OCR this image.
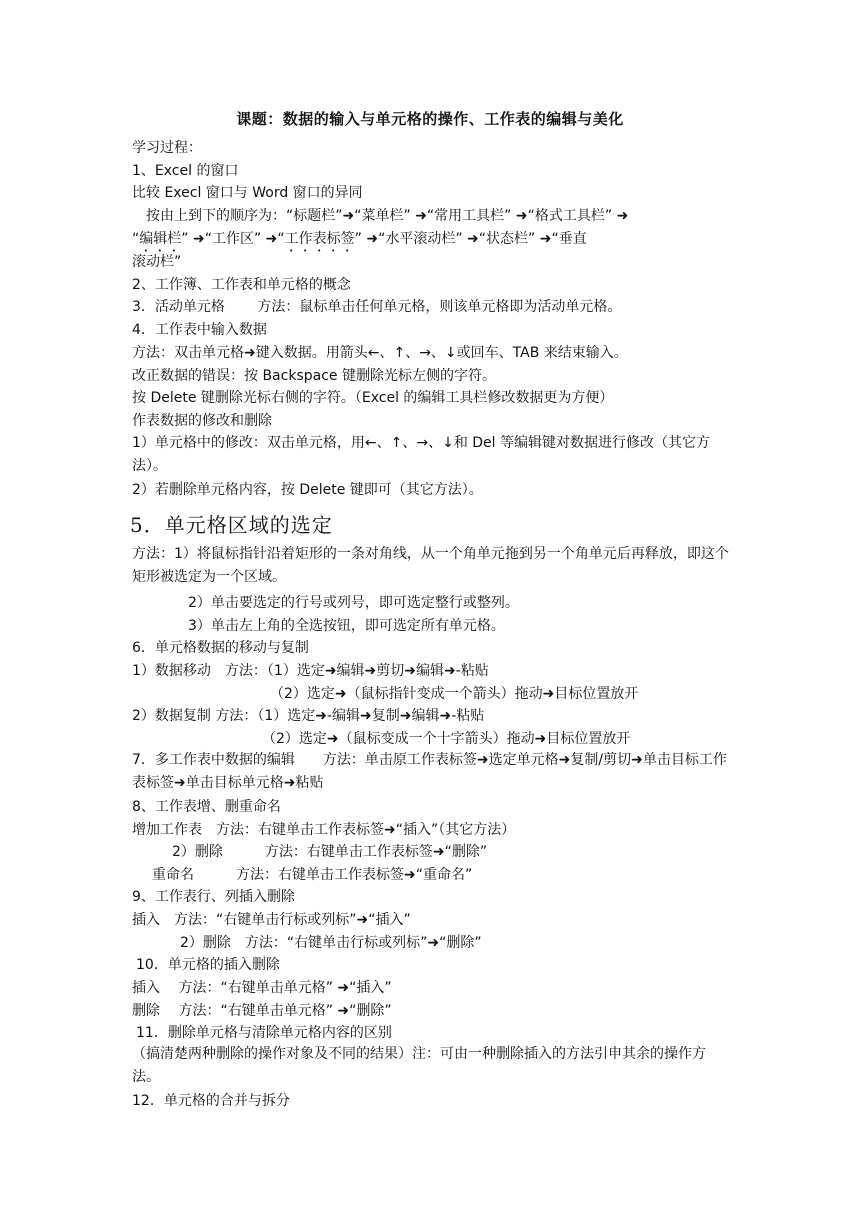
课题：数据的输入与单元格的操作、工作表的编辑与美化
学习过程：
1、Excel 的窗口
比较 Execl 窗口与 Word 窗口的异同
　按由上到下的顺序为：“标题栏”➜“菜单栏” ➜“常用工具栏” ➜“格式工具栏” ➜
“编辑栏” ➜“工作区” ➜“工作表标签” ➜“水平滚动栏” ➜“状态栏” ➜“垂直
滚动栏”
2、工作簿、工作表和单元格的概念
3．活动单元格　　 方法：鼠标单击任何单元格，则该单元格即为活动单元格。
4．工作表中输入数据
方法：双击单元格➜键入数据。用箭头←、↑、→、↓或回车、TAB 来结束输入。
改正数据的错误：按 Backspace 键删除光标左侧的字符。
按 Delete 键删除光标右侧的字符。（Excel 的编辑工具栏修改数据更为方便）
作表数据的修改和删除
1）单元格中的修改：双击单元格，用←、↑、→、↓和 Del 等编辑键对数据进行修改（其它方法）。
2）若删除单元格内容，按 Delete 键即可（其它方法）。
5．单元格区域的选定
方法：1）将鼠标指针沿着矩形的一条对角线，从一个角单元拖到另一个角单元后再释放，即这个矩形被选定为一个区域。
　　2）单击要选定的行号或列号，即可选定整行或整列。
　　3）单击左上角的全选按钮，即可选定所有单元格。
6．单元格数据的移动与复制
1）数据移动　方法：（1）选定➜编辑➜剪切➜编辑➜-粘贴
（2）选定➜（鼠标指针变成一个箭头）拖动➜目标位置放开
2）数据复制 方法：（1）选定➜-编辑➜复制➜编辑➜-粘贴
（2）选定➜（鼠标变成一个十字箭头）拖动➜目标位置放开
7．多工作表中数据的编辑　　方法：单击原工作表标签➜选定单元格➜复制/剪切➜单击目标工作表标签➜单击目标单元格➜粘贴
8、工作表增、删重命名
增加工作表　方法：右键单击工作表标签➜“插入”（其它方法）
2）删除　　　方法：右键单击工作表标签➜“删除”
重命名　　　方法：右键单击工作表标签➜“重命名”
9、工作表行、列插入删除
插入　方法：“右键单击行标或列标”➜“插入”
2）删除　方法：“右键单击行标或列标”➜“删除”
10．单元格的插入删除
插入　 方法：“右键单击单元格” ➜“插入”
删除　 方法：“右键单击单元格” ➜“删除”
11．删除单元格与清除单元格内容的区别
（搞清楚两种删除的操作对象及不同的结果）注：可由一种删除插入的方法引申其余的操作方法。
12．单元格的合并与拆分
